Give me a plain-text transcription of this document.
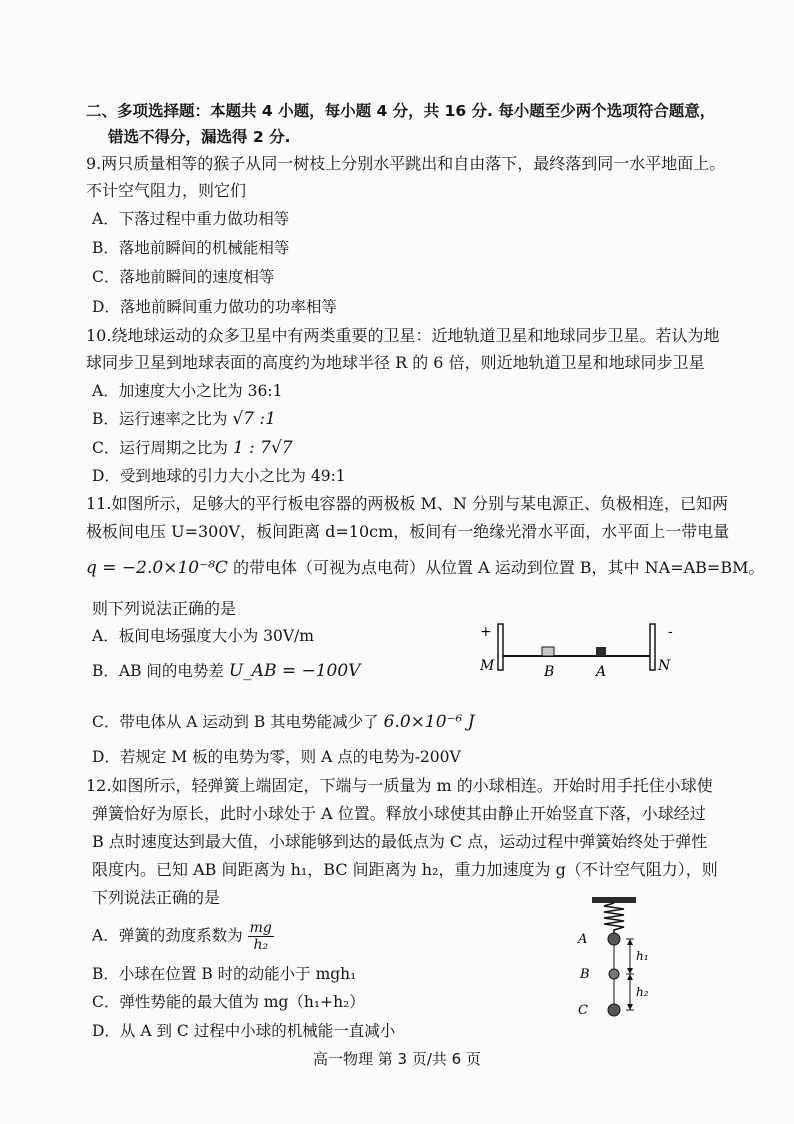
二、多项选择题：本题共 4 小题，每小题 4 分，共 16 分. 每小题至少两个选项符合题意，
错选不得分，漏选得 2 分.
9.两只质量相等的猴子从同一树枝上分别水平跳出和自由落下，最终落到同一水平地面上。
不计空气阻力，则它们
A．下落过程中重力做功相等
B．落地前瞬间的机械能相等
C．落地前瞬间的速度相等
D．落地前瞬间重力做功的功率相等
10.绕地球运动的众多卫星中有两类重要的卫星：近地轨道卫星和地球同步卫星。若认为地
球同步卫星到地球表面的高度约为地球半径 R 的 6 倍，则近地轨道卫星和地球同步卫星
A．加速度大小之比为 36:1
B．运行速率之比为 √7 :1
C．运行周期之比为 1 : 7√7
D．受到地球的引力大小之比为 49:1
11.如图所示，足够大的平行板电容器的两极板 M、N 分别与某电源正、负极相连，已知两
极板间电压 U=300V，板间距离 d=10cm，板间有一绝缘光滑水平面，水平面上一带电量
q = −2.0×10⁻⁸C 的带电体（可视为点电荷）从位置 A 运动到位置 B，其中 NA=AB=BM。
则下列说法正确的是
A．板间电场强度大小为 30V/m
B．AB 间的电势差 U_AB = −100V
C．带电体从 A 运动到 B 其电势能减少了 6.0×10⁻⁶ J
D．若规定 M 板的电势为零，则 A 点的电势为-200V
+	-
M	N
B	A
12.如图所示，轻弹簧上端固定，下端与一质量为 m 的小球相连。开始时用手托住小球使
弹簧恰好为原长，此时小球处于 A 位置。释放小球使其由静止开始竖直下落，小球经过
B 点时速度达到最大值，小球能够到达的最低点为 C 点，运动过程中弹簧始终处于弹性
限度内。已知 AB 间距离为 h₁，BC 间距离为 h₂，重力加速度为 g（不计空气阻力），则
下列说法正确的是
A．弹簧的劲度系数为 $\frac{mg}{\text{h₂}}$
B．小球在位置 B 时的动能小于 mgh₁
C．弹性势能的最大值为 mg（h₁+h₂）
D．从 A 到 C 过程中小球的机械能一直减小
A
B
C
h₁
h₂
高一物理 第 3 页/共 6 页
